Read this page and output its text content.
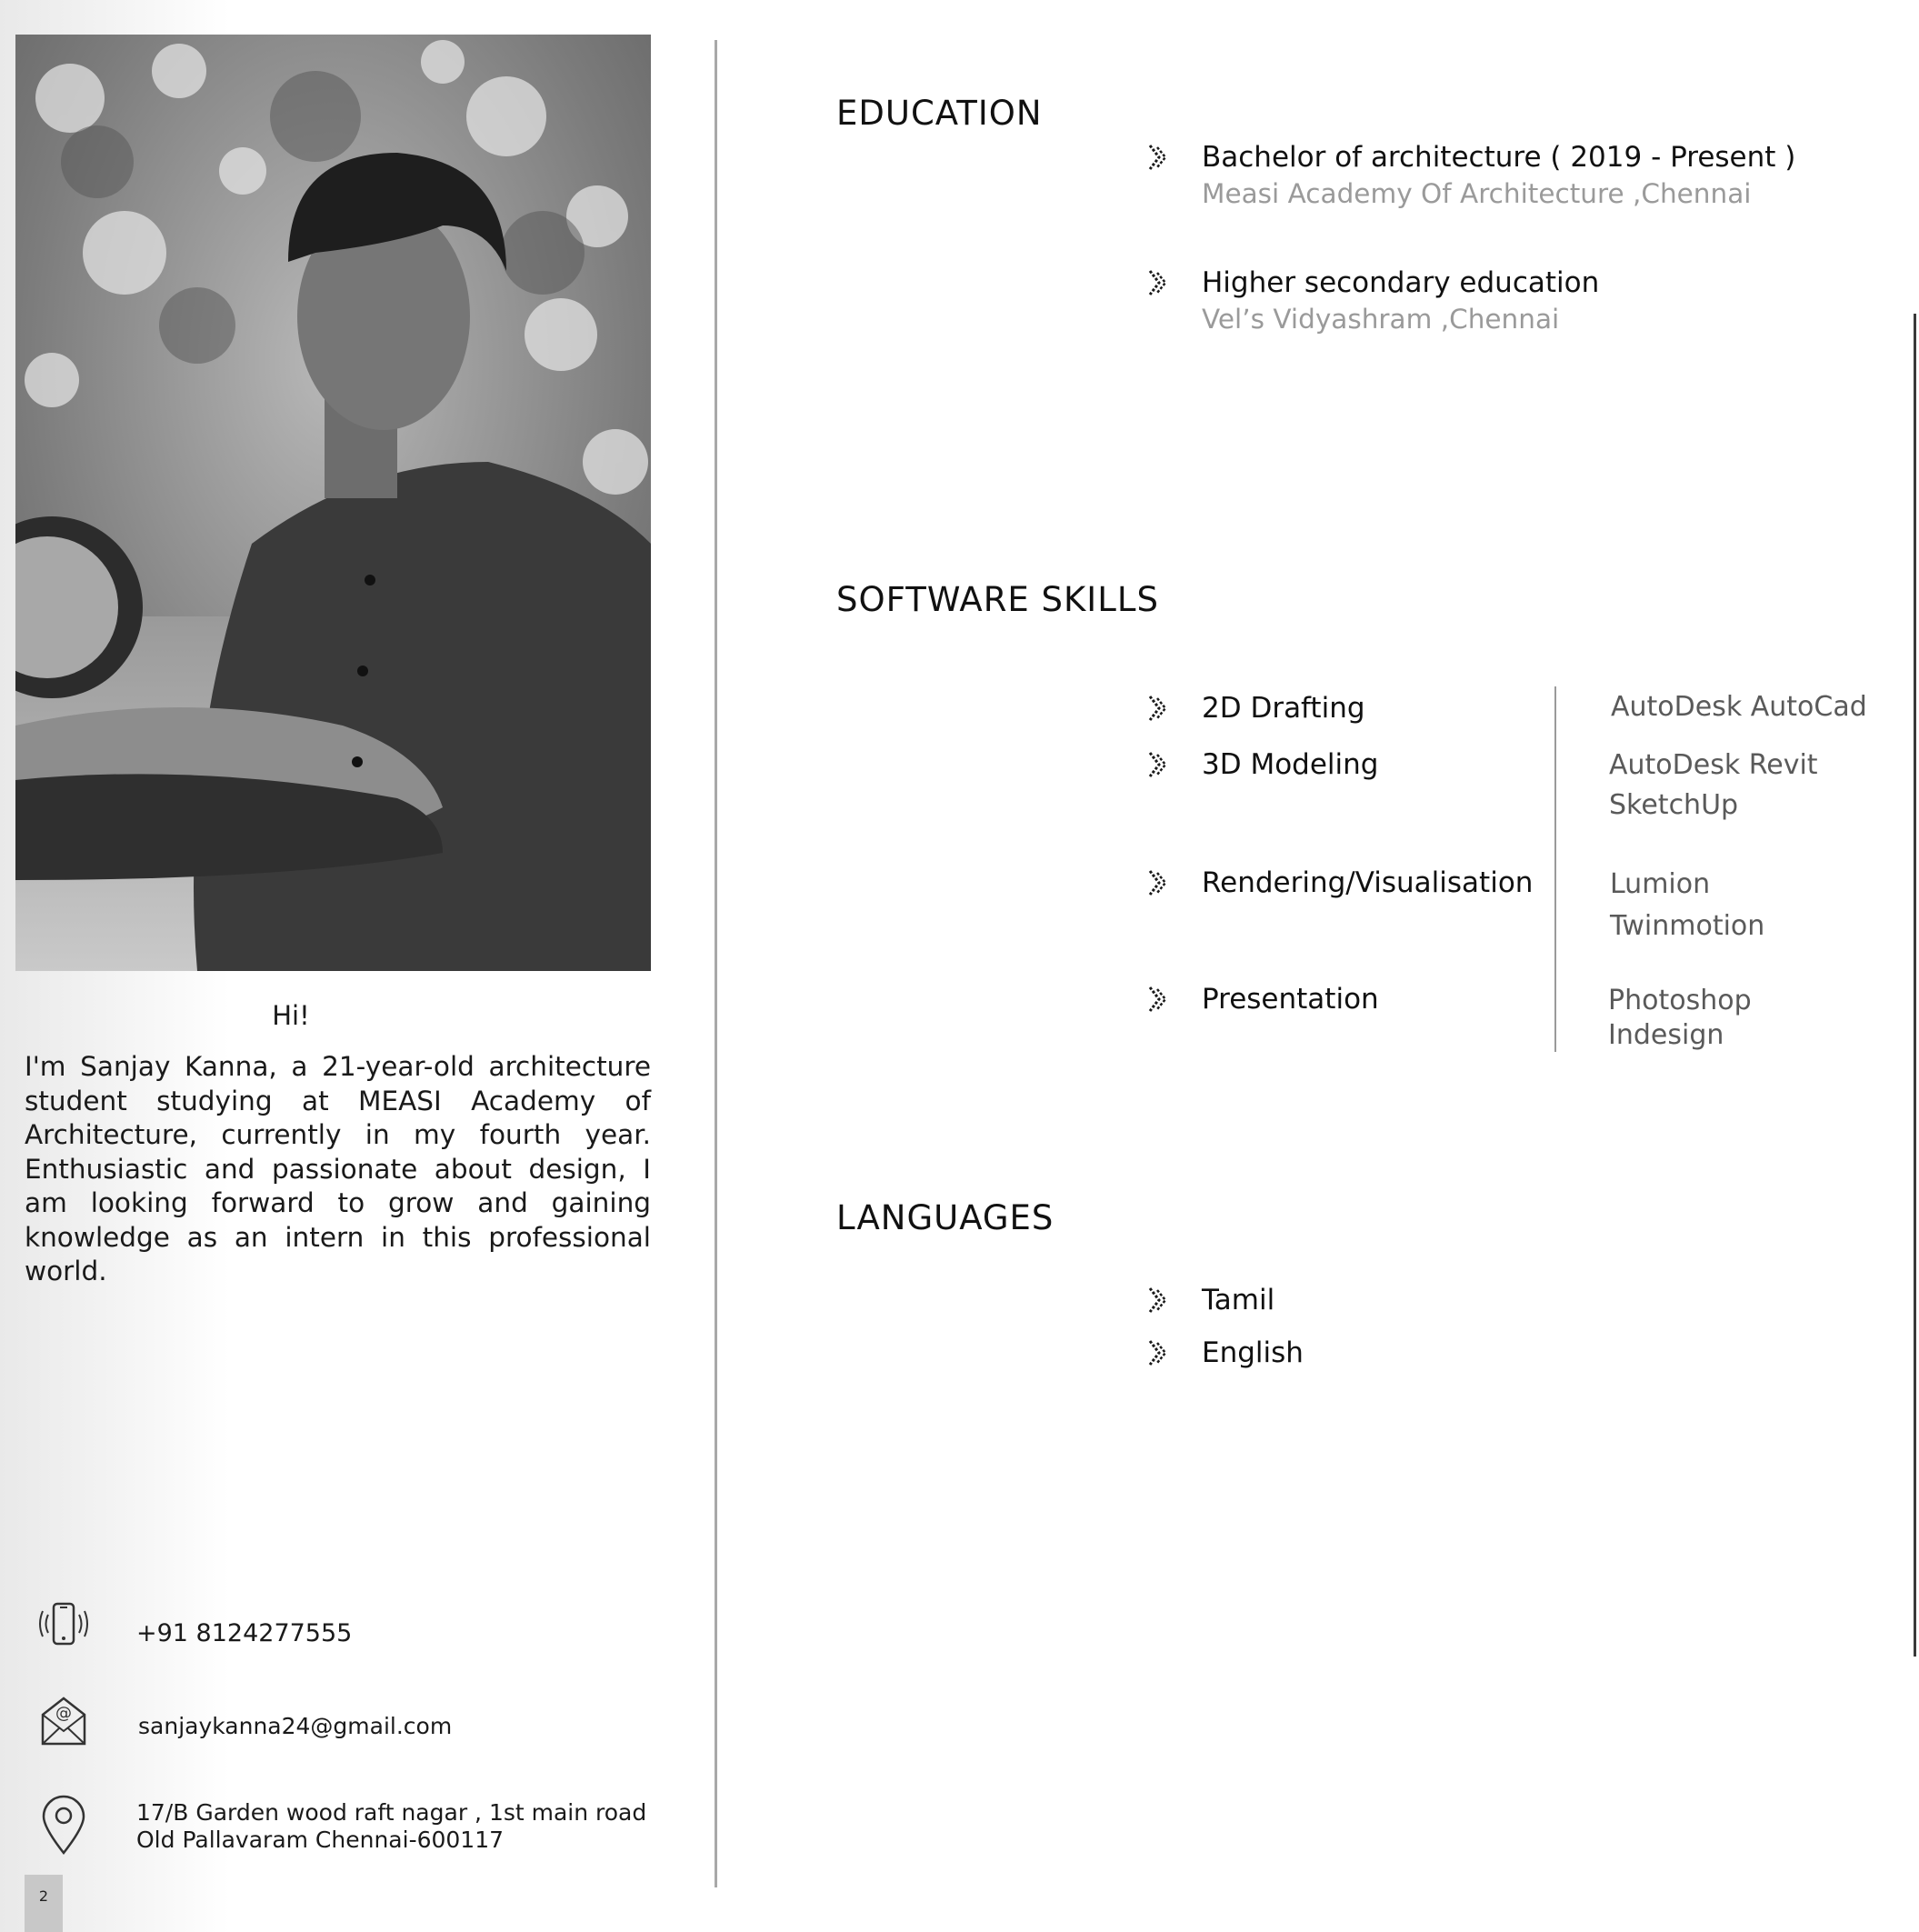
Hi!

I'm Sanjay Kanna, a 21-year-old architecture student studying at MEASI Academy of Architecture, currently in my fourth year. Enthusiastic and passionate about design, I am looking forward to grow and gaining knowledge as an intern in this professional world.

+91 8124277555
@	sanjaykanna24@gmail.com
17/B Garden wood raft nagar , 1st main road
Old Pallavaram Chennai-600117
2
EDUCATION
Bachelor of architecture ( 2019 - Present )
Measi Academy Of Architecture ,Chennai
Higher secondary education
Vel’s Vidyashram ,Chennai
SOFTWARE SKILLS
2D Drafting
3D Modeling
Rendering/Visualisation
Presentation
AutoDesk AutoCad
AutoDesk Revit
SketchUp
Lumion
Twinmotion
Photoshop
Indesign
LANGUAGES
Tamil
English
